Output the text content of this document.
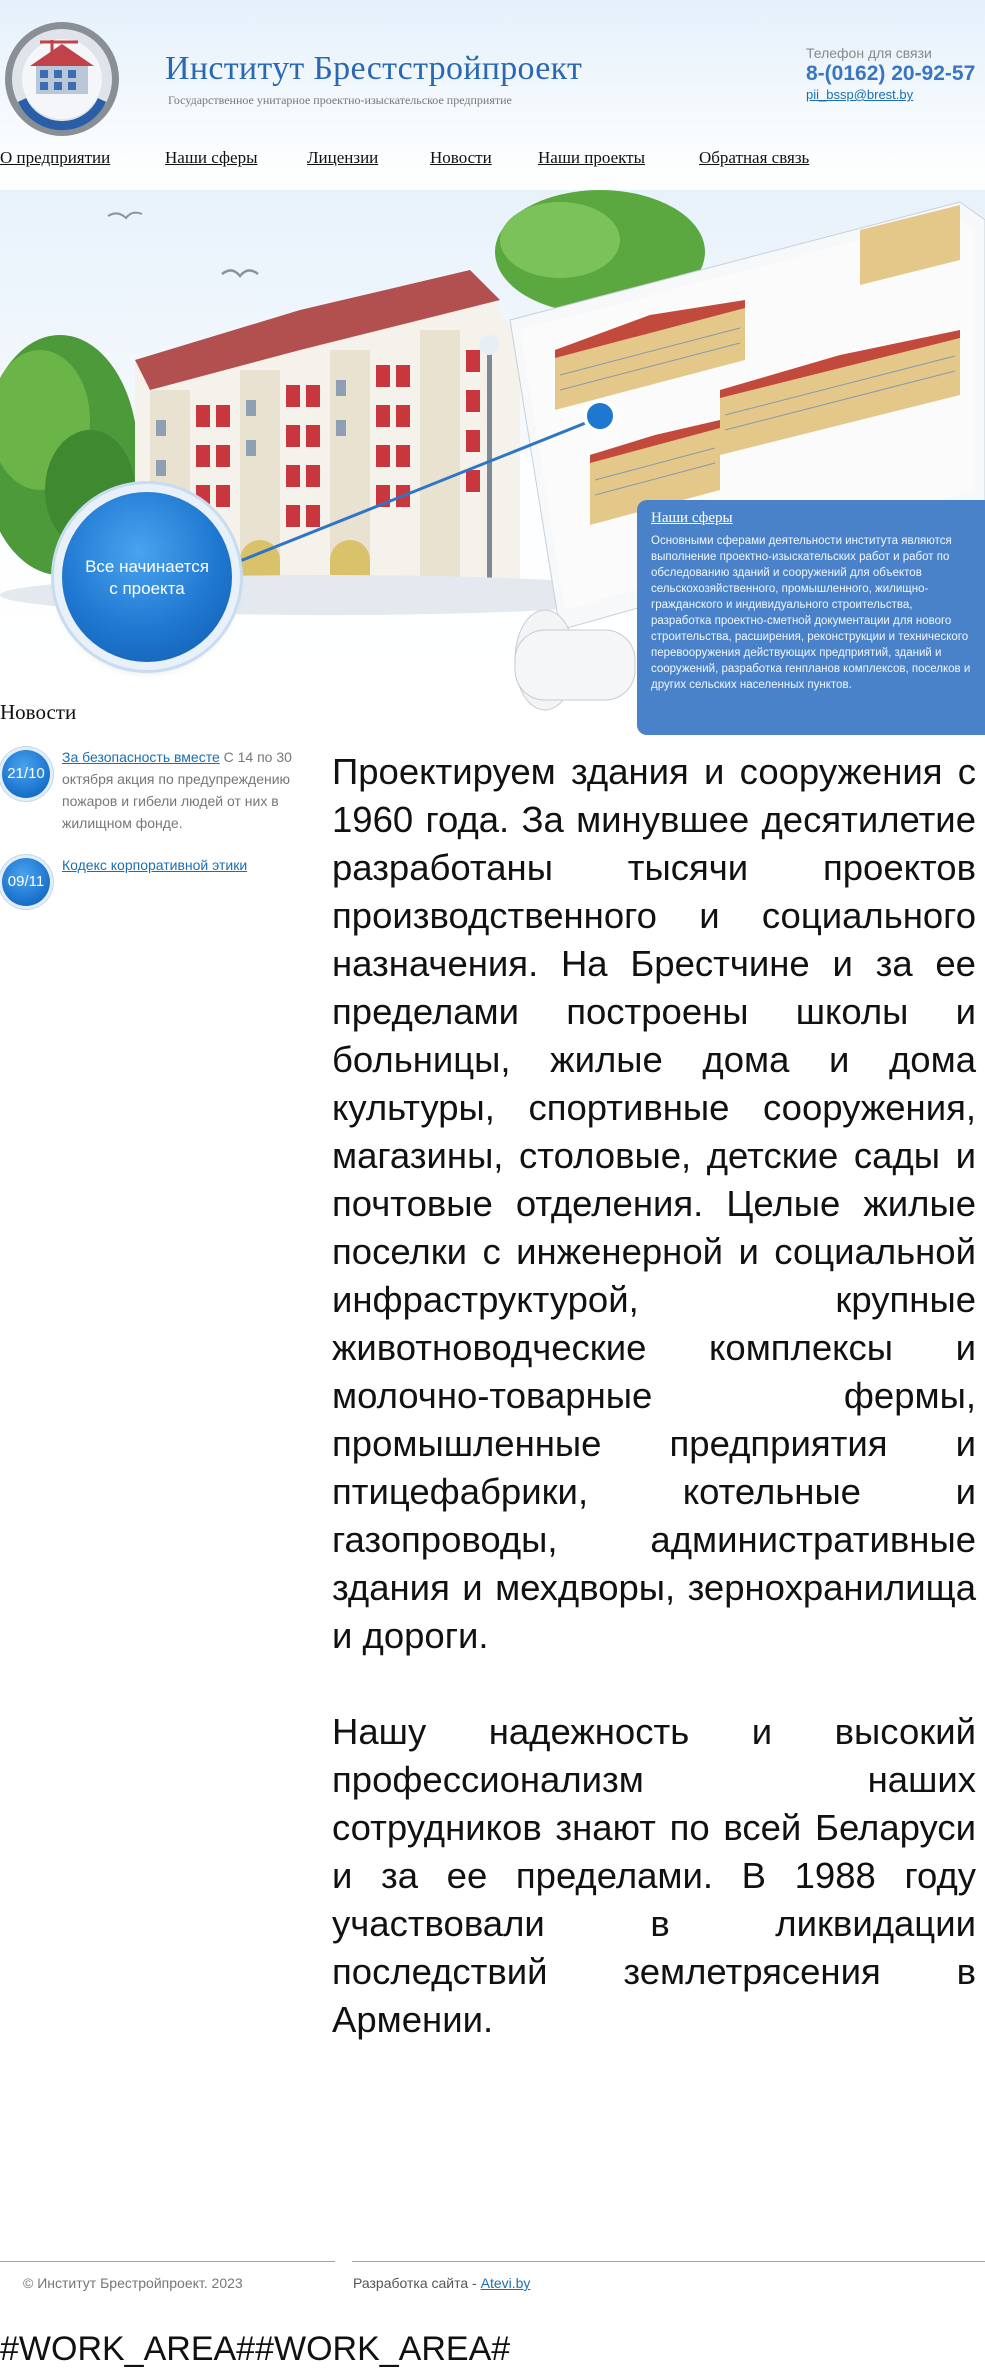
Институт Брестстройпроект
Государственное унитарное проектно-изыскательское предприятие
Телефон для связи
8-(0162) 20-92-57
pii_bssp@brest.by
О предприятии	Наши сферы	Лицензии	Новости	Наши проекты	Обратная связь
Все начинается
с проекта
Наши сферы
Основными сферами деятельности института являются выполнение проектно-изыскательских работ и работ по обследованию зданий и сооружений для объектов сельскохозяйственного, промышленного, жилищно-гражданского и индивидуального строительства, разработка проектно-сметной документации для нового строительства, расширения, реконструкции и технического перевооружения действующих предприятий, зданий и сооружений, разработка генпланов комплексов, поселков и других сельских населенных пунктов.
Новости
21/10
За безопасность вместе С 14 по 30 октября акция по предупреждению пожаров и гибели людей от них в жилищном фонде.
09/11
Кодекс корпоративной этики

Проектируем здания и сооружения с 1960 года. За минувшее десятилетие разработаны тысячи проектов производственного и социального назначения. На Брестчине и за ее пределами построены школы и больницы, жилые дома и дома культуры, спортивные сооружения, магазины, столовые, детские сады и почтовые отделения. Целые жилые поселки с инженерной и социальной инфраструктурой, крупные животноводческие комплексы и молочно-товарные фермы, промышленные предприятия и птицефабрики, котельные и газопроводы, административные здания и мехдворы, зернохранилища и дороги.

Нашу надежность и высокий профессионализм наших сотрудников знают по всей Беларуси и за ее пределами. В 1988 году участвовали в ликвидации последствий землетрясения в Армении.

© Институт Брестройпроект. 2023	Разработка сайта - Atevi.by
#WORK_AREA##WORK_AREA#
